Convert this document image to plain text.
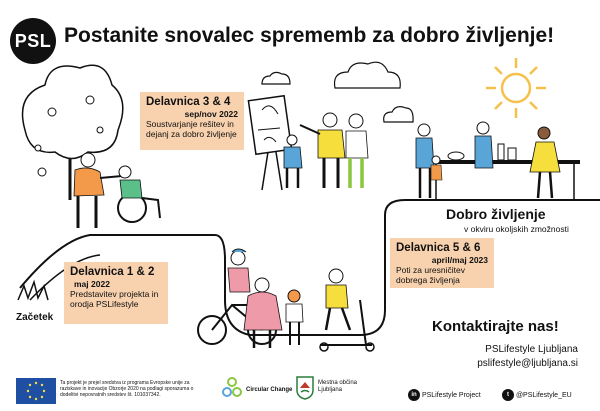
PSL Postanite snovalec sprememb za dobro življenje!
Delavnica 3 & 4
sep/nov 2022
Soustvarjanje rešitev in dejanj za dobro življenje
Delavnica 1 & 2
maj 2022
Predstavitev projekta in orodja PSLifestyle
Delavnica 5 & 6
april/maj 2023
Poti za uresničitev dobrega življenja
Dobro življenje
v okviru okoljskih zmožnosti
Začetek
Kontaktirajte nas!
PSLifestyle Ljubljana
pslifestyle@ljubljana.si
Ta projekt je prejel sredstva iz programa Evropske unije za raziskave in inovacije Obzorje 2020 na podlagi sporazuma o dodelitvi nepovratnih sredstev št. 101037342.
Circular Change
Mestna občina Ljubljana
in PSLifestyle Project	t @PSLifestyle_EU
